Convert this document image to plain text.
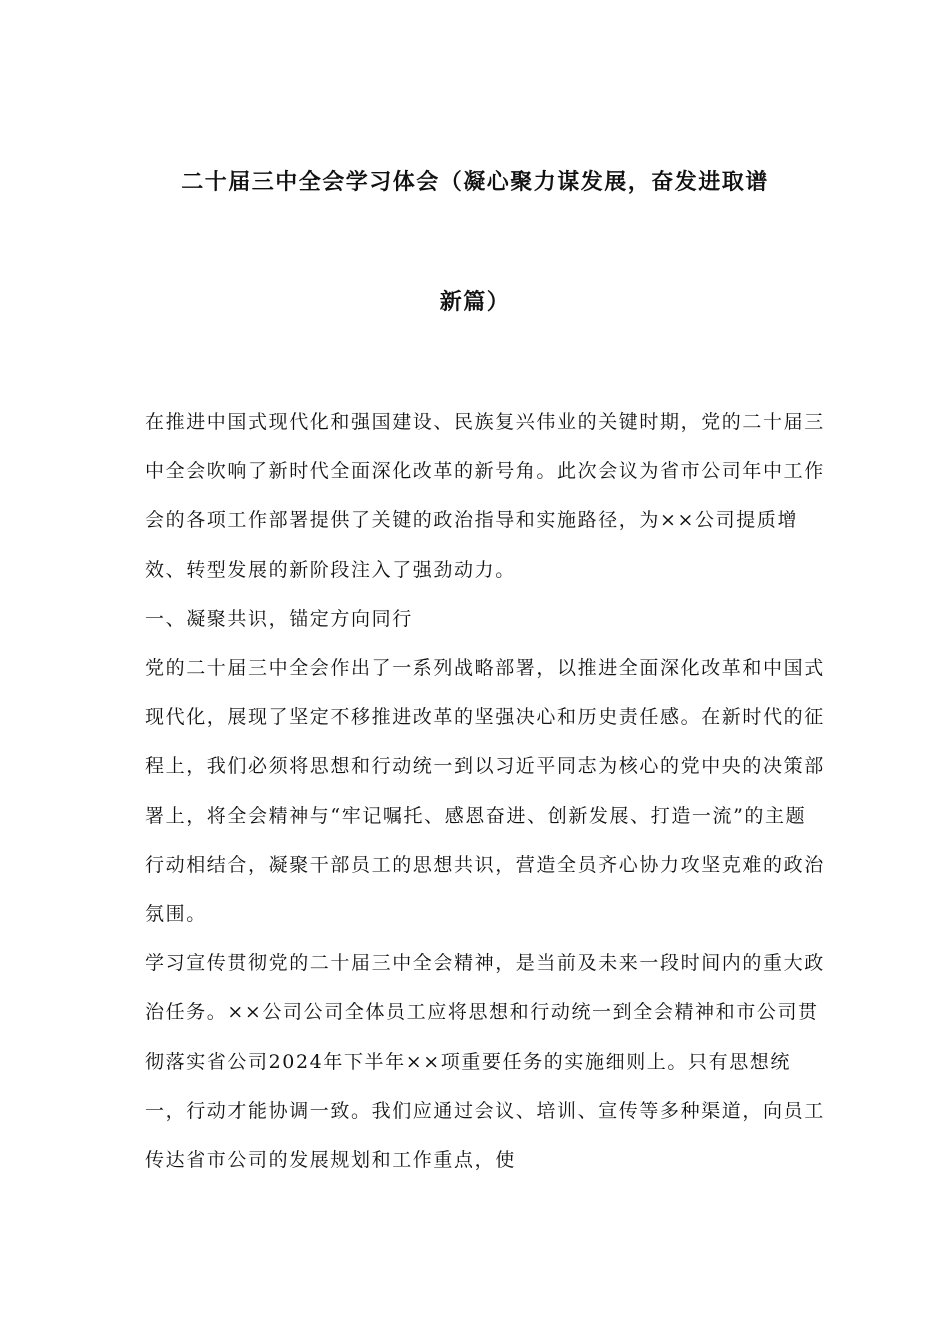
二十届三中全会学习体会（凝心聚力谋发展，奋发进取谱
新篇）

在推进中国式现代化和强国建设、民族复兴伟业的关键时期，党的二十届三中全会吹响了新时代全面深化改革的新号角。此次会议为省市公司年中工作会的各项工作部署提供了关键的政治指导和实施路径，为××公司提质增效、转型发展的新阶段注入了强劲动力。

一、凝聚共识，锚定方向同行

党的二十届三中全会作出了一系列战略部署，以推进全面深化改革和中国式现代化，展现了坚定不移推进改革的坚强决心和历史责任感。在新时代的征程上，我们必须将思想和行动统一到以习近平同志为核心的党中央的决策部署上，将全会精神与“牢记嘱托、感恩奋进、创新发展、打造一流”的主题行动相结合，凝聚干部员工的思想共识，营造全员齐心协力攻坚克难的政治氛围。

学习宣传贯彻党的二十届三中全会精神，是当前及未来一段时间内的重大政治任务。××公司公司全体员工应将思想和行动统一到全会精神和市公司贯彻落实省公司2024年下半年××项重要任务的实施细则上。只有思想统一，行动才能协调一致。我们应通过会议、培训、宣传等多种渠道，向员工传达省市公司的发展规划和工作重点，使
